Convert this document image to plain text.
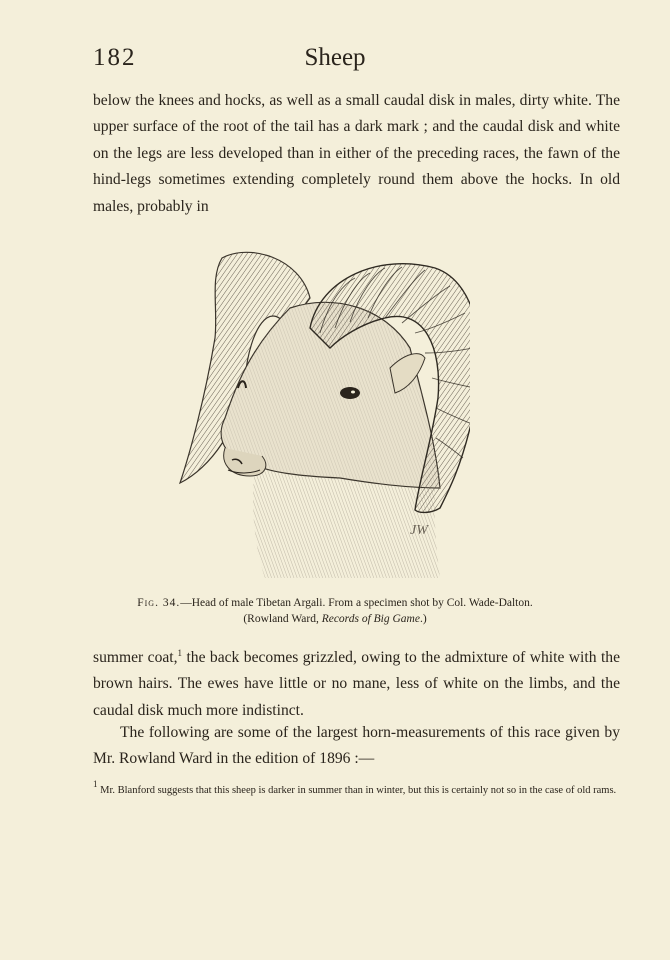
182	Sheep

below the knees and hocks, as well as a small caudal disk in males, dirty white. The upper surface of the root of the tail has a dark mark ; and the caudal disk and white on the legs are less developed than in either of the preceding races, the fawn of the hind-legs sometimes extending completely round them above the hocks. In old males, probably in

JW

Fig. 34.—Head of male Tibetan Argali. From a specimen shot by Col. Wade-Dalton.
(Rowland Ward, Records of Big Game.)

summer coat,$^1$ the back becomes grizzled, owing to the admixture of white with the brown hairs. The ewes have little or no mane, less of white on the limbs, and the caudal disk much more indistinct.

The following are some of the largest horn-measurements of this race given by Mr. Rowland Ward in the edition of 1896 :—

$^1$ Mr. Blanford suggests that this sheep is darker in summer than in winter, but this is certainly not so in the case of old rams.
